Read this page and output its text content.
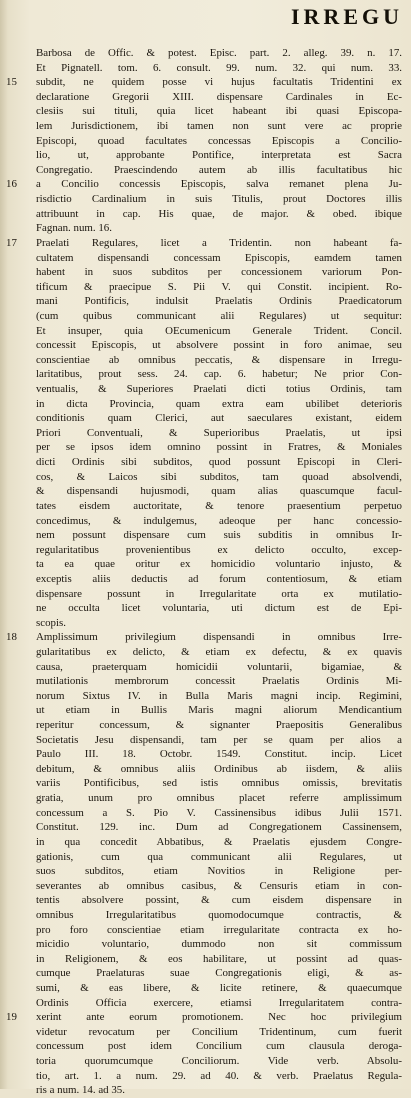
IRREGU
Barbosa de Offic. & potest. Episc. part. 2. alleg. 39. n. 17.
Et Pignatell. tom. 6. consult. 99. num. 32. qui num. 33.
15	subdit, ne quidem posse vi hujus facultatis Tridentini ex
declaratione Gregorii XIII. dispensare Cardinales in Ec-
clesiis sui tituli, quia licet habeant ibi quasi Episcopa-
lem Jurisdictionem, ibi tamen non sunt vere ac proprie
Episcopi, quoad facultates concessas Episcopis a Concilio-
lio, ut, approbante Pontifice, interpretata est Sacra
Congregatio. Praescindendo autem ab illis facultatibus hic
16	a Concilio concessis Episcopis, salva remanet plena Ju-
risdictio Cardinalium in suis Titulis, prout Doctores illis
attribuunt in cap. His quae, de major. & obed. ibique
Fagnan. num. 16.
17	Praelati Regulares, licet a Tridentin. non habeant fa-
cultatem dispensandi concessam Episcopis, eamdem tamen
habent in suos subditos per concessionem variorum Pon-
tificum & praecipue S. Pii V. qui Constit. incipient. Ro-
mani Pontificis, indulsit Praelatis Ordinis Praedicatorum
(cum quibus communicant alii Regulares) ut sequitur:
Et insuper, quia OEcumenicum Generale Trident. Concil.
concessit Episcopis, ut absolvere possint in foro animae, seu
conscientiae ab omnibus peccatis, & dispensare in Irregu-
laritatibus, prout sess. 24. cap. 6. habetur; Ne prior Con-
ventualis, & Superiores Praelati dicti totius Ordinis, tam
in dicta Provincia, quam extra eam ubilibet deterioris
conditionis quam Clerici, aut saeculares existant, eidem
Priori Conventuali, & Superioribus Praelatis, ut ipsi
per se ipsos idem omnino possint in Fratres, & Moniales
dicti Ordinis sibi subditos, quod possunt Episcopi in Cleri-
cos, & Laicos sibi subditos, tam quoad absolvendi,
& dispensandi hujusmodi, quam alias quascumque facul-
tates eisdem auctoritate, & tenore praesentium perpetuo
concedimus, & indulgemus, adeoque per hanc concessio-
nem possunt dispensare cum suis subditis in omnibus Ir-
regularitatibus provenientibus ex delicto occulto, excep-
ta ea quae oritur ex homicidio voluntario injusto, &
exceptis aliis deductis ad forum contentiosum, & etiam
dispensare possunt in Irregularitate orta ex mutilatio-
ne occulta licet voluntaria, uti dictum est de Epi-
scopis.
18	Amplissimum privilegium dispensandi in omnibus Irre-
gularitatibus ex delicto, & etiam ex defectu, & ex quavis
causa, praeterquam homicidii voluntarii, bigamiae, &
mutilationis membrorum concessit Praelatis Ordinis Mi-
norum Sixtus IV. in Bulla Maris magni incip. Regimini,
ut etiam in Bullis Maris magni aliorum Mendicantium
reperitur concessum, & signanter Praepositis Generalibus
Societatis Jesu dispensandi, tam per se quam per alios a
Paulo III. 18. Octobr. 1549. Constitut. incip. Licet
debitum, & omnibus aliis Ordinibus ab iisdem, & aliis
variis Pontificibus, sed istis omnibus omissis, brevitatis
gratia, unum pro omnibus placet referre amplissimum
concessum a S. Pio V. Cassinensibus idibus Julii 1571.
Constitut. 129. inc. Dum ad Congregationem Cassinensem,
in qua concedit Abbatibus, & Praelatis ejusdem Congre-
gationis, cum qua communicant alii Regulares, ut
suos subditos, etiam Novitios in Religione per-
severantes ab omnibus casibus, & Censuris etiam in con-
tentis absolvere possint, & cum eisdem dispensare in
omnibus Irregularitatibus quomodocumque contractis, &
pro foro conscientiae etiam irregularitate contracta ex ho-
micidio voluntario, dummodo non sit commissum
in Religionem, & eos habilitare, ut possint ad quas-
cumque Praelaturas suae Congregationis eligi, & as-
sumi, & eas libere, & licite retinere, & quaecumque
Ordinis Officia exercere, etiamsi Irregularitatem contra-
19	xerint ante eorum promotionem. Nec hoc privilegium
videtur revocatum per Concilium Tridentinum, cum fuerit
concessum post idem Concilium cum clausula deroga-
toria quorumcumque Conciliorum. Vide verb. Absolu-
tio, art. 1. a num. 29. ad 40. & verb. Praelatus Regula-
ris a num. 14. ad 35.
